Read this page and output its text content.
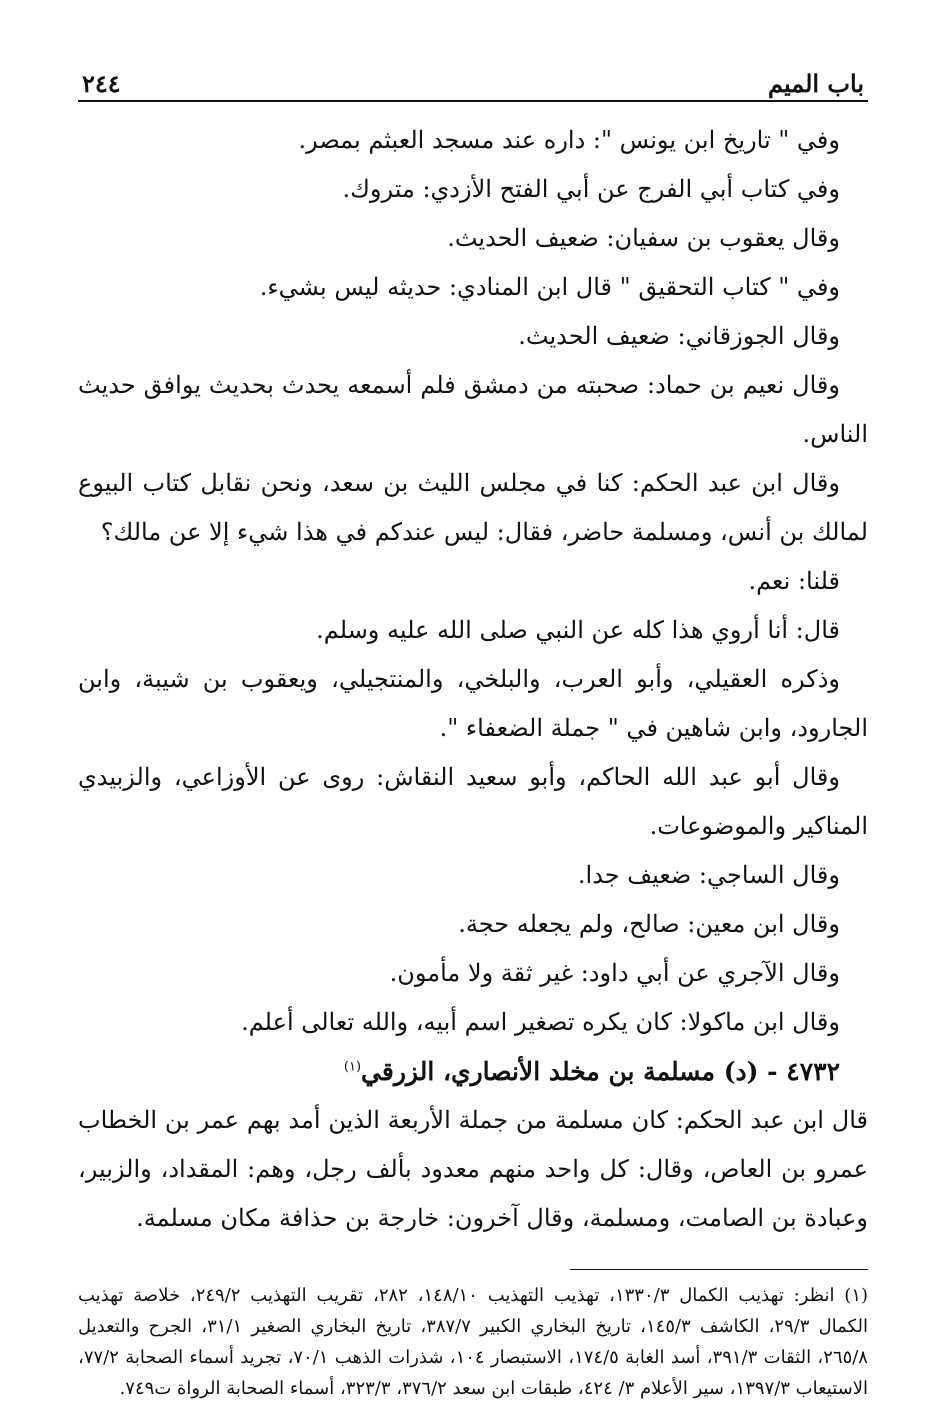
باب الميم
٢٤٤

وفي " تاريخ ابن يونس ": داره عند مسجد العبثم بمصر.

وفي كتاب أبي الفرج عن أبي الفتح الأزدي: متروك.

وقال يعقوب بن سفيان: ضعيف الحديث.

وفي " كتاب التحقيق " قال ابن المنادي: حديثه ليس بشيء.

وقال الجوزقاني: ضعيف الحديث.

وقال نعيم بن حماد: صحبته من دمشق فلم أسمعه يحدث بحديث يوافق حديث الناس.

وقال ابن عبد الحكم: كنا في مجلس الليث بن سعد، ونحن نقابل كتاب البيوع لمالك بن أنس، ومسلمة حاضر، فقال: ليس عندكم في هذا شيء إلا عن مالك؟

قلنا: نعم.

قال: أنا أروي هذا كله عن النبي صلى الله عليه وسلم.

وذكره العقيلي، وأبو العرب، والبلخي، والمنتجيلي، ويعقوب بن شيبة، وابن الجارود، وابن شاهين في " جملة الضعفاء ".

وقال أبو عبد الله الحاكم، وأبو سعيد النقاش: روى عن الأوزاعي، والزبيدي المناكير والموضوعات.

وقال الساجي: ضعيف جدا.

وقال ابن معين: صالح، ولم يجعله حجة.

وقال الآجري عن أبي داود: غير ثقة ولا مأمون.

وقال ابن ماكولا: كان يكره تصغير اسم أبيه، والله تعالى أعلم.

٤٧٣٢ - (د) مسلمة بن مخلد الأنصاري، الزرقي$^{(١)}$

قال ابن عبد الحكم: كان مسلمة من جملة الأربعة الذين أمد بهم عمر بن الخطاب عمرو بن العاص، وقال: كل واحد منهم معدود بألف رجل، وهم: المقداد، والزبير، وعبادة بن الصامت، ومسلمة، وقال آخرون: خارجة بن حذافة مكان مسلمة.

(١) انظر: تهذيب الكمال ١٣٣٠/٣، تهذيب التهذيب ١٤٨/١٠، ٢٨٢، تقريب التهذيب ٢٤٩/٢، خلاصة تهذيب الكمال ٢٩/٣، الكاشف ١٤٥/٣، تاريخ البخاري الكبير ٣٨٧/٧، تاريخ البخاري الصغير ٣١/١، الجرح والتعديل ٢٦٥/٨، الثقات ٣٩١/٣، أسد الغابة ١٧٤/٥، الاستبصار ١٠٤، شذرات الذهب ٧٠/١، تجريد أسماء الصحابة ٧٧/٢، الاستيعاب ١٣٩٧/٣، سير الأعلام ٣/ ٤٢٤، طبقات ابن سعد ٣٧٦/٢، ٣٢٣/٣، أسماء الصحابة الرواة ت٧٤٩.
